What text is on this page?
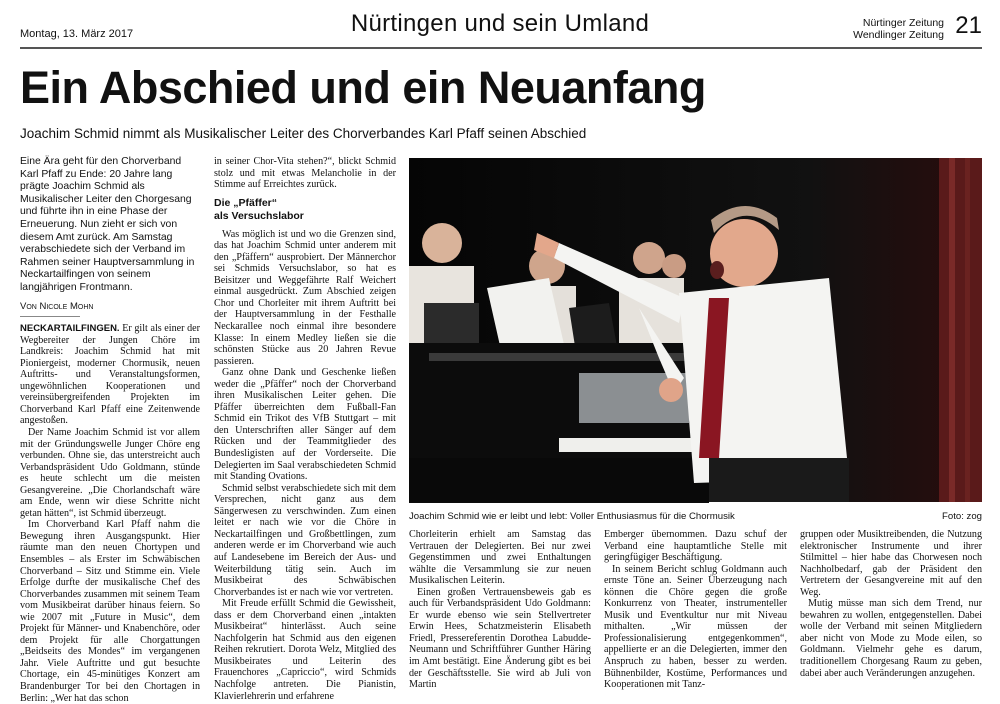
Montag, 13. März 2017	Nürtingen und sein Umland	Nürtinger Zeitung
Wendlinger Zeitung 21
Ein Abschied und ein Neuanfang
Joachim Schmid nimmt als Musikalischer Leiter des Chorverbandes Karl Pfaff seinen Abschied
Eine Ära geht für den Chorverband Karl Pfaff zu Ende: 20 Jahre lang prägte Joachim Schmid als Musikalischer Leiter den Chorgesang und führte ihn in eine Phase der Erneuerung. Nun zieht er sich von diesem Amt zurück. Am Samstag verabschiedete sich der Verband im Rahmen seiner Hauptversammlung in Neckartailfingen von seinem langjährigen Frontmann.
Von Nicole Mohn

NECKARTAILFINGEN. Er gilt als einer der Wegbereiter der Jungen Chöre im Landkreis: Joachim Schmid hat mit Pioniergeist, moderner Chormusik, neuen Auftritts- und Veranstaltungsformen, ungewöhnlichen Kooperationen und vereinsübergreifenden Projekten im Chorverband Karl Pfaff eine Zeitenwende angestoßen.

Der Name Joachim Schmid ist vor allem mit der Gründungswelle Junger Chöre eng verbunden. Ohne sie, das unterstreicht auch Verbandspräsident Udo Goldmann, stünde es heute schlecht um die meisten Gesangvereine. „Die Chorlandschaft wäre am Ende, wenn wir diese Schritte nicht getan hätten“, ist Schmid überzeugt.

Im Chorverband Karl Pfaff nahm die Bewegung ihren Ausgangspunkt. Hier räumte man den neuen Chortypen und Ensembles – als Erster im Schwäbischen Chorverband – Sitz und Stimme ein. Viele Erfolge durfte der musikalische Chef des Chorverbandes zusammen mit seinem Team vom Musikbeirat darüber hinaus feiern. So wie 2007 mit „Future in Music“, dem Projekt für Männer- und Knabenchöre, oder dem Projekt für alle Chorgattungen „Beidseits des Mondes“ im vergangenen Jahr. Viele Auftritte und gut besuchte Chortage, ein 45-minütiges Konzert am Brandenburger Tor bei den Chortagen in Berlin: „Wer hat das schon

in seiner Chor-Vita stehen?“, blickt Schmid stolz und mit etwas Melancholie in der Stimme auf Erreichtes zurück.

Die „Pfäffer“
als Versuchslabor

Was möglich ist und wo die Grenzen sind, das hat Joachim Schmid unter anderem mit den „Pfäffern“ ausprobiert. Der Männerchor sei Schmids Versuchslabor, so hat es Beisitzer und Weggefährte Ralf Weichert einmal ausgedrückt. Zum Abschied zeigen Chor und Chorleiter mit ihrem Auftritt bei der Hauptversammlung in der Festhalle Neckarallee noch einmal ihre besondere Klasse: In einem Medley ließen sie die schönsten Stücke aus 20 Jahren Revue passieren.

Ganz ohne Dank und Geschenke ließen weder die „Pfäffer“ noch der Chorverband ihren Musikalischen Leiter gehen. Die Pfäffer überreichten dem Fußball-Fan Schmid ein Trikot des VfB Stuttgart – mit den Unterschriften aller Sänger auf dem Rücken und der Teammitglieder des Bundesligisten auf der Vorderseite. Die Delegierten im Saal verabschiedeten Schmid mit Standing Ovations.

Schmid selbst verabschiedete sich mit dem Versprechen, nicht ganz aus dem Sängerwesen zu verschwinden. Zum einen leitet er nach wie vor die Chöre in Neckartailfingen und Großbettlingen, zum anderen werde er im Chorverband wie auch auf Landesebene im Bereich der Aus- und Weiterbildung tätig sein. Auch im Musikbeirat des Schwäbischen Chorverbandes ist er nach wie vor vertreten.

Mit Freude erfüllt Schmid die Gewissheit, dass er dem Chorverband einen „intakten Musikbeirat“ hinterlässt. Auch seine Nachfolgerin hat Schmid aus den eigenen Reihen rekrutiert. Dorota Welz, Mitglied des Musikbeirates und Leiterin des Frauenchores „Capriccio“, wird Schmids Nachfolge antreten. Die Pianistin, Klavierlehrerin und erfahrene

Joachim Schmid wie er leibt und lebt: Voller Enthusiasmus für die Chormusik	Foto: zog

Chorleiterin erhielt am Samstag das Vertrauen der Delegierten. Bei nur zwei Gegenstimmen und zwei Enthaltungen wählte die Versammlung sie zur neuen Musikalischen Leiterin.

Einen großen Vertrauensbeweis gab es auch für Verbandspräsident Udo Goldmann: Er wurde ebenso wie sein Stellvertreter Erwin Hees, Schatzmeisterin Elisabeth Friedl, Pressereferentin Dorothea Labudde-Neumann und Schriftführer Gunther Häring im Amt bestätigt. Eine Änderung gibt es bei der Geschäftsstelle. Sie wird ab Juli von Martin

Emberger übernommen. Dazu schuf der Verband eine hauptamtliche Stelle mit geringfügiger Beschäftigung.

In seinem Bericht schlug Goldmann auch ernste Töne an. Seiner Überzeugung nach können die Chöre gegen die große Konkurrenz von Theater, instrumenteller Musik und Eventkultur nur mit Niveau mithalten. „Wir müssen der Professionalisierung entgegenkommen“, appellierte er an die Delegierten, immer den Anspruch zu haben, besser zu werden. Bühnenbilder, Kostüme, Performances und Kooperationen mit Tanz-

gruppen oder Musiktreibenden, die Nutzung elektronischer Instrumente und ihrer Stilmittel – hier habe das Chorwesen noch Nachholbedarf, gab der Präsident den Vertretern der Gesangvereine mit auf den Weg.

Mutig müsse man sich dem Trend, nur bewahren zu wollen, entgegenstellen. Dabei wolle der Verband mit seinen Mitgliedern aber nicht von Mode zu Mode eilen, so Goldmann. Vielmehr gehe es darum, traditionellem Chorgesang Raum zu geben, dabei aber auch Veränderungen anzugehen.
